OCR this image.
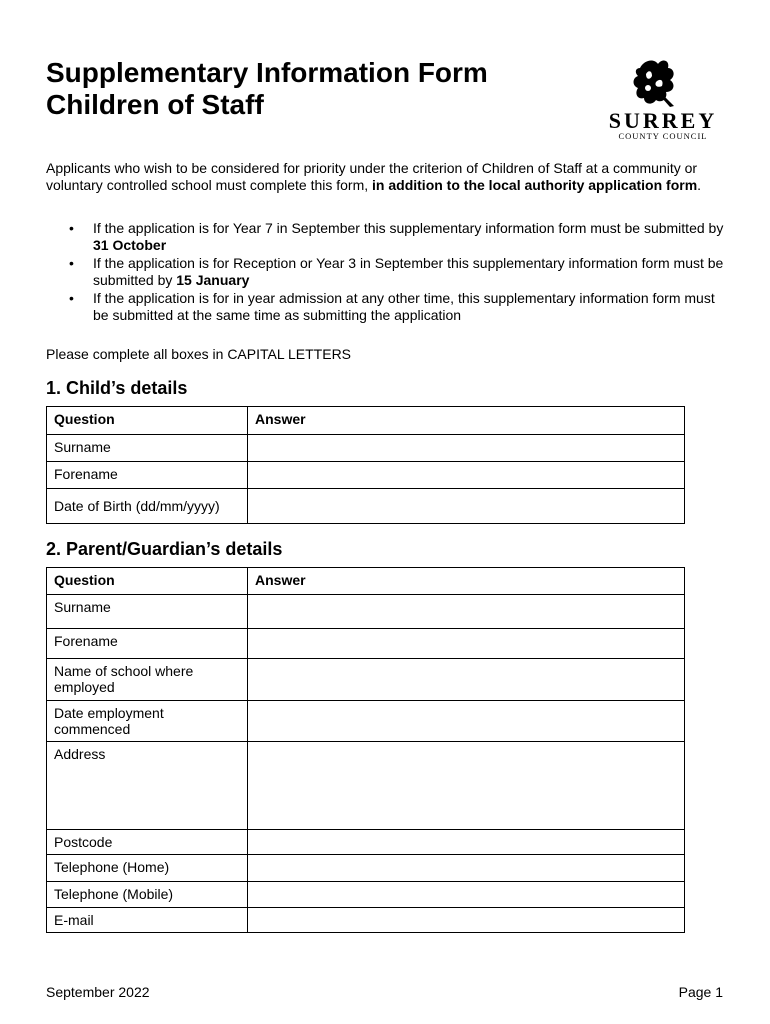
Supplementary Information Form
Children of Staff
SURREY
COUNTY COUNCIL

Applicants who wish to be considered for priority under the criterion of Children of Staff at a community or voluntary controlled school must complete this form, in addition to the local authority application form.

• If the application is for Year 7 in September this supplementary information form must be submitted by 31 October
• If the application is for Reception or Year 3 in September this supplementary information form must be submitted by 15 January
• If the application is for in year admission at any other time, this supplementary information form must be submitted at the same time as submitting the application

Please complete all boxes in CAPITAL LETTERS

1. Child’s details
Question	Answer
Surname	
Forename	
Date of Birth (dd/mm/yyyy)	
2. Parent/Guardian’s details
Question	Answer
Surname	
Forename	
Name of school where employed	
Date employment commenced	
Address	
Postcode	
Telephone (Home)	
Telephone (Mobile)	
E-mail	
September 2022	Page 1
